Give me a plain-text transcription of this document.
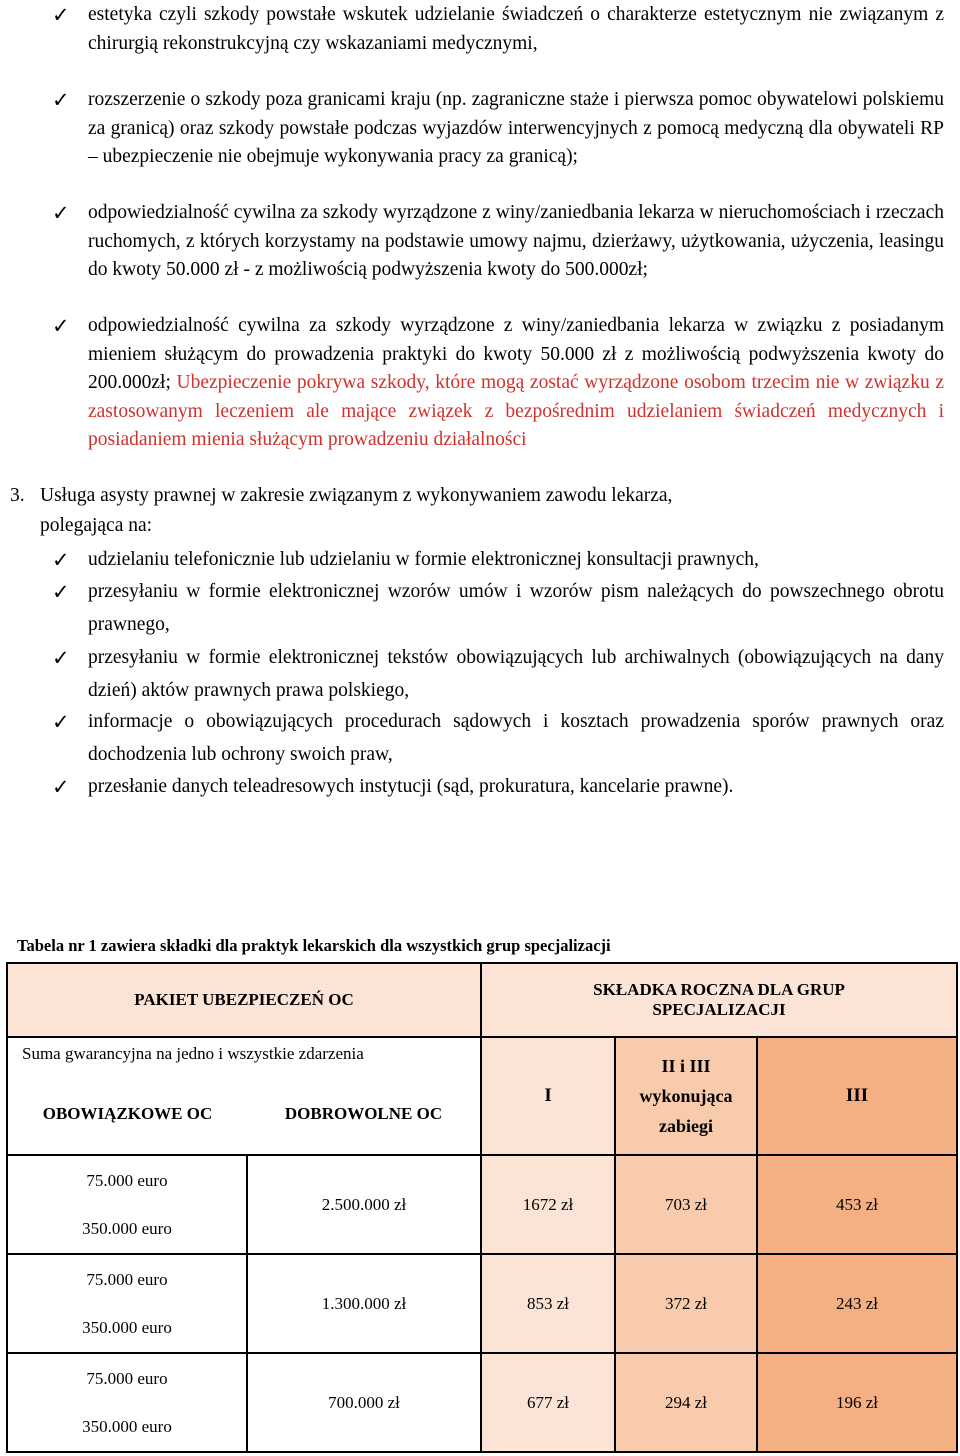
✓ estetyka czyli szkody powstałe wskutek udzielanie świadczeń o charakterze estetycznym nie związanym z chirurgią rekonstrukcyjną czy wskazaniami medycznymi,
✓ rozszerzenie o szkody poza granicami kraju (np. zagraniczne staże i pierwsza pomoc obywatelowi polskiemu za granicą) oraz szkody powstałe podczas wyjazdów interwencyjnych z pomocą medyczną dla obywateli RP – ubezpieczenie nie obejmuje wykonywania pracy za granicą);
✓ odpowiedzialność cywilna za szkody wyrządzone z winy/zaniedbania lekarza w nieruchomościach i rzeczach ruchomych, z których korzystamy na podstawie umowy najmu, dzierżawy, użytkowania, użyczenia, leasingu do kwoty 50.000 zł - z możliwością podwyższenia kwoty do 500.000zł;
✓ odpowiedzialność cywilna za szkody wyrządzone z winy/zaniedbania lekarza w związku z posiadanym mieniem służącym do prowadzenia praktyki do kwoty 50.000 zł z możliwością podwyższenia kwoty do 200.000zł; Ubezpieczenie pokrywa szkody, które mogą zostać wyrządzone osobom trzecim nie w związku z zastosowanym leczeniem ale mające związek z bezpośrednim udzielaniem świadczeń medycznych i posiadaniem mienia służącym prowadzeniu działalności
3. Usługa asysty prawnej w zakresie związanym z wykonywaniem zawodu lekarza,
polegająca na:
✓ udzielaniu telefonicznie lub udzielaniu w formie elektronicznej konsultacji prawnych,
✓ przesyłaniu w formie elektronicznej wzorów umów i wzorów pism należących do powszechnego obrotu prawnego,
✓ przesyłaniu w formie elektronicznej tekstów obowiązujących lub archiwalnych (obowiązujących na dany dzień) aktów prawnych prawa polskiego,
✓ informacje o obowiązujących procedurach sądowych i kosztach prowadzenia sporów prawnych oraz dochodzenia lub ochrony swoich praw,
✓ przesłanie danych teleadresowych instytucji (sąd, prokuratura, kancelarie prawne).
Tabela nr 1 zawiera składki dla praktyk lekarskich dla wszystkich grup specjalizacji
PAKIET UBEZPIECZEŃ OC		SKŁADKA ROCZNA DLA GRUP SPECJALIZACJI		

Suma gwarancyjna na jedno i wszystkie zdarzenia
OBOWIĄZKOWE OC DOBROWOLNE OC		I	II i III wykonująca zabiegi	III

75.000 euro
350.000 euro	2.500.000 zł	1672 zł	703 zł	453 zł

75.000 euro
350.000 euro	1.300.000 zł	853 zł	372 zł	243 zł

75.000 euro
350.000 euro	700.000 zł	677 zł	294 zł	196 zł
